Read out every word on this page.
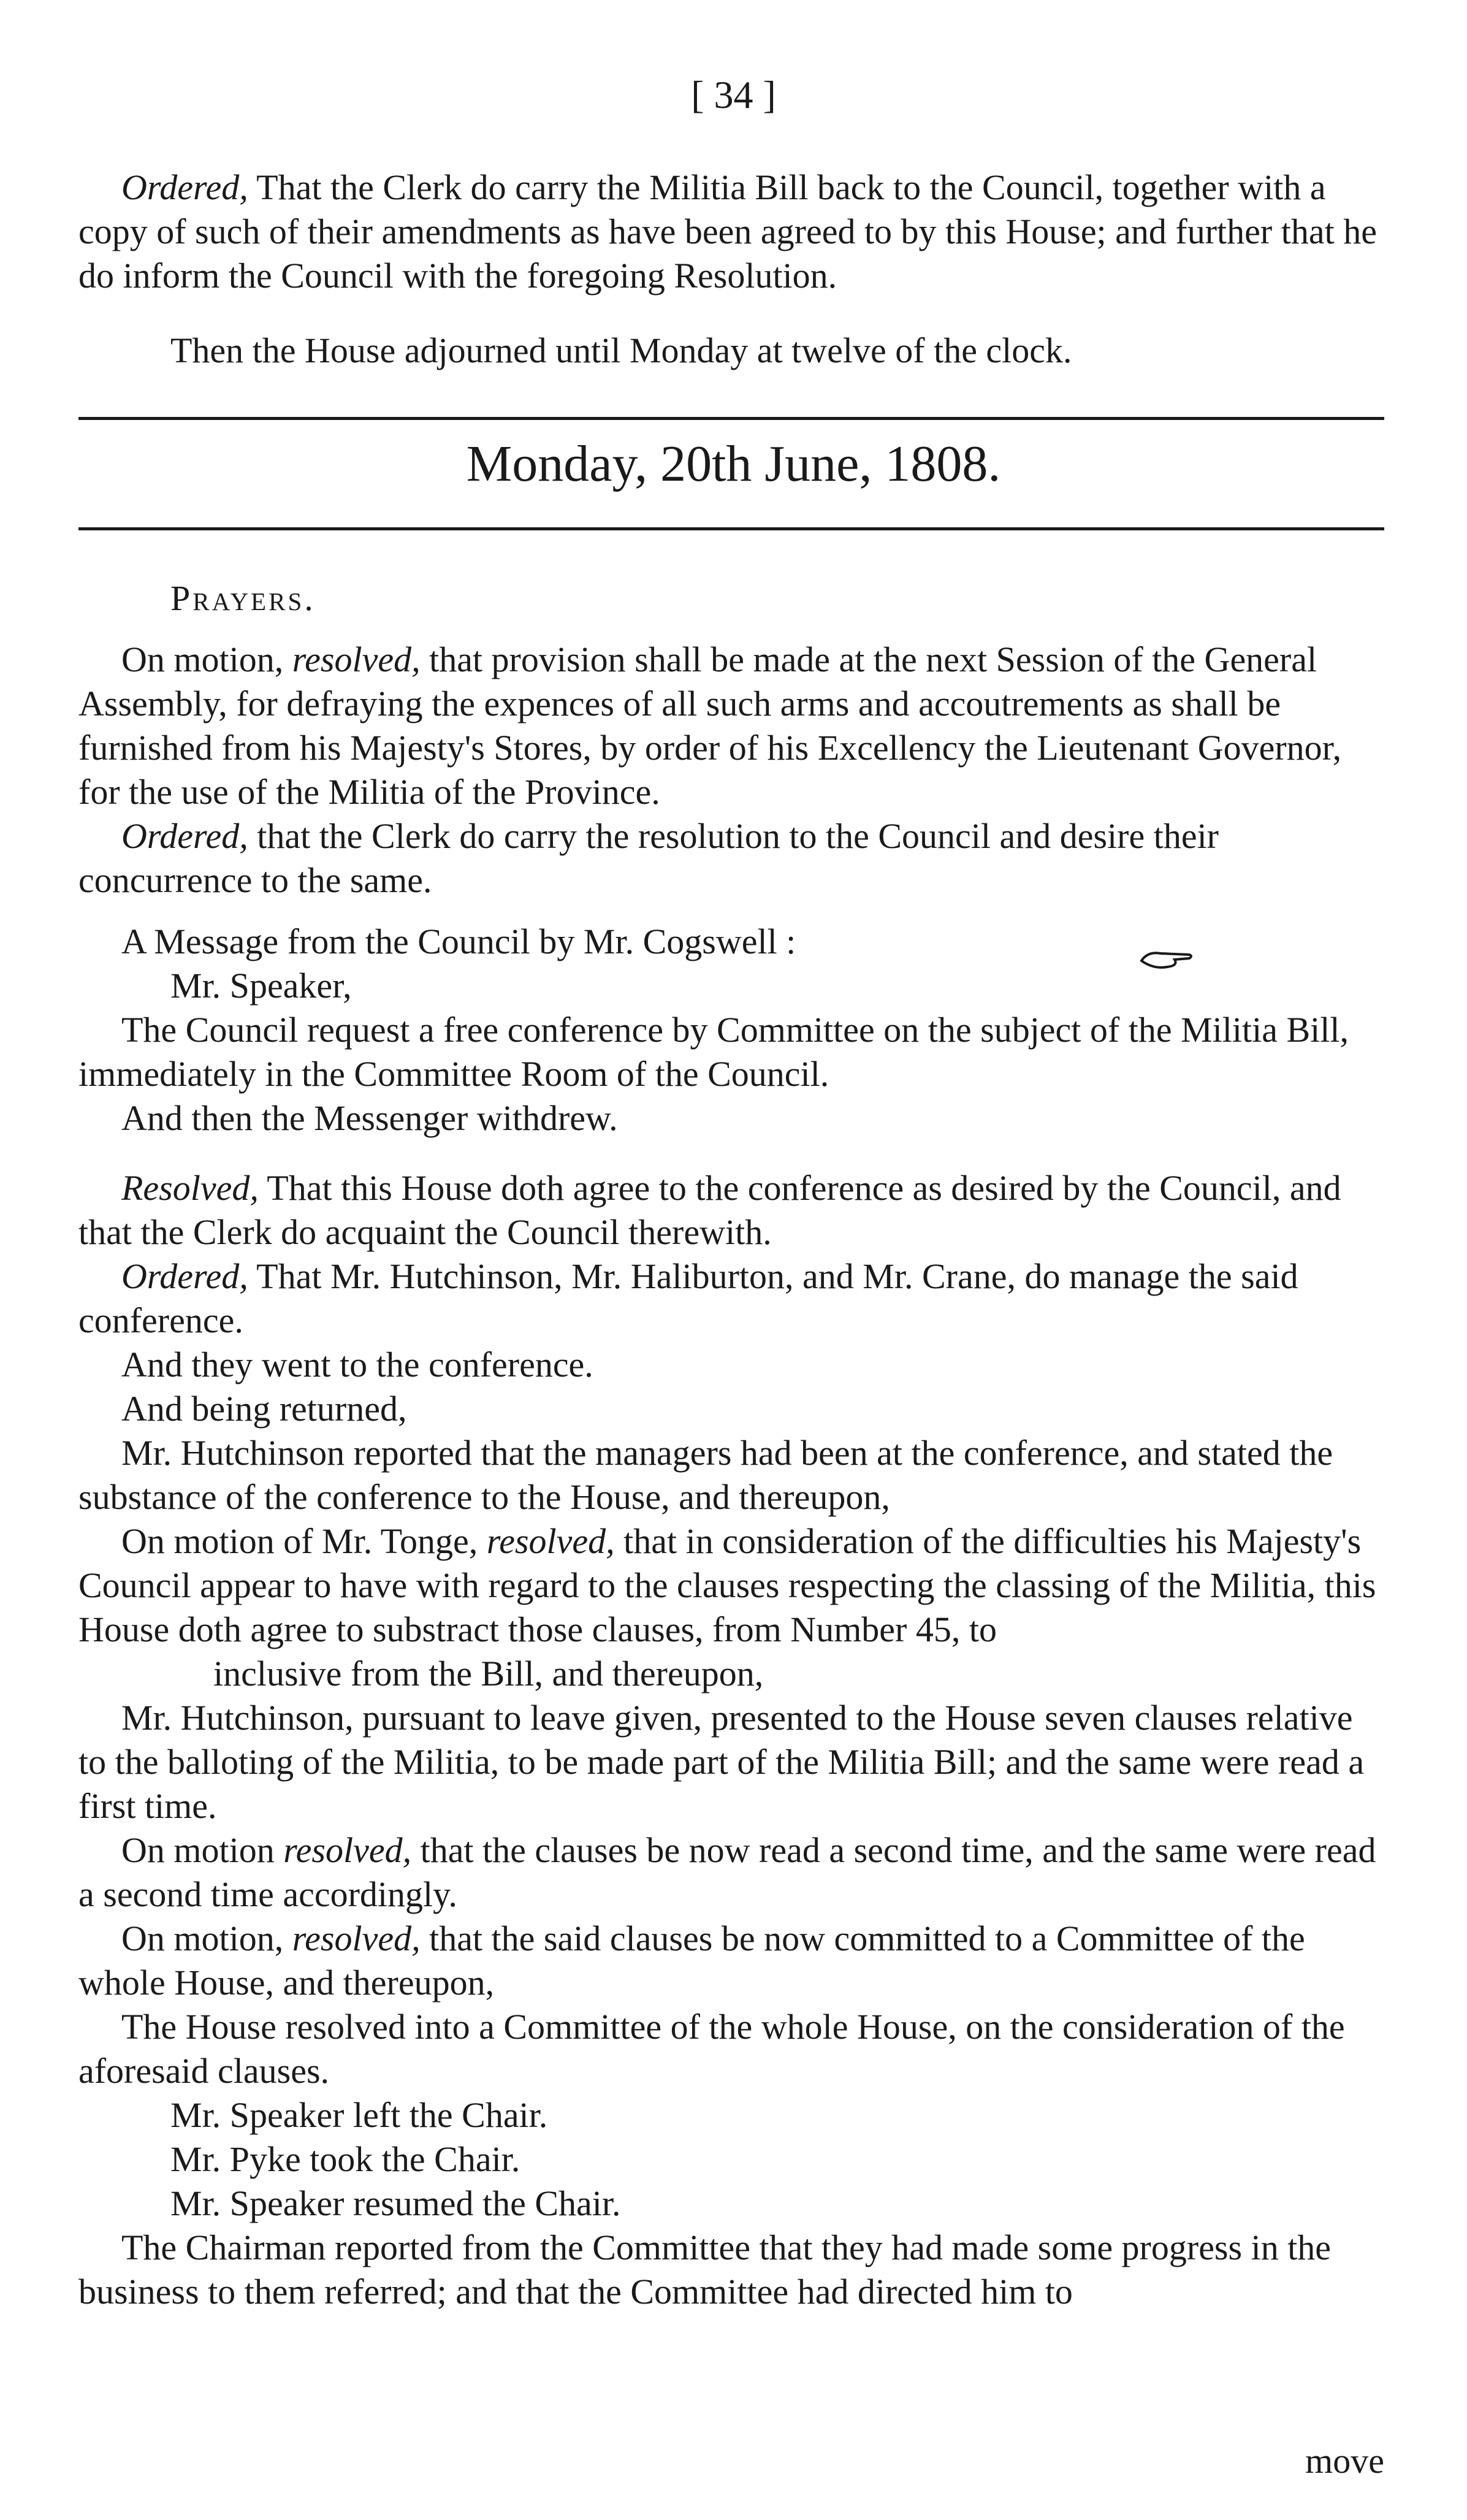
[ 34 ]

Ordered, That the Clerk do carry the Militia Bill back to the Council, together with a copy of such of their amendments as have been agreed to by this House; and further that he do inform the Council with the foregoing Resolution.

Then the House adjourned until Monday at twelve of the clock.

Monday, 20th June, 1808.

Prayers.

On motion, resolved, that provision shall be made at the next Session of the General Assembly, for defraying the expences of all such arms and accoutrements as shall be furnished from his Majesty's Stores, by order of his Excellency the Lieutenant Governor, for the use of the Militia of the Province.

Ordered, that the Clerk do carry the resolution to the Council and desire their concurrence to the same.

A Message from the Council by Mr. Cogswell :

Mr. Speaker,

The Council request a free conference by Committee on the subject of the Militia Bill, immediately in the Committee Room of the Council.

And then the Messenger withdrew.

Resolved, That this House doth agree to the conference as desired by the Council, and that the Clerk do acquaint the Council therewith.

Ordered, That Mr. Hutchinson, Mr. Haliburton, and Mr. Crane, do manage the said conference.

And they went to the conference.

And being returned,

Mr. Hutchinson reported that the managers had been at the conference, and stated the substance of the conference to the House, and thereupon,

On motion of Mr. Tonge, resolved, that in consideration of the difficulties his Majesty's Council appear to have with regard to the clauses respecting the classing of the Militia, this House doth agree to substract those clauses, from Number 45, to

inclusive from the Bill, and thereupon,

Mr. Hutchinson, pursuant to leave given, presented to the House seven clauses relative to the balloting of the Militia, to be made part of the Militia Bill; and the same were read a first time.

On motion resolved, that the clauses be now read a second time, and the same were read a second time accordingly.

On motion, resolved, that the said clauses be now committed to a Committee of the whole House, and thereupon,

The House resolved into a Committee of the whole House, on the consideration of the aforesaid clauses.

Mr. Speaker left the Chair.

Mr. Pyke took the Chair.

Mr. Speaker resumed the Chair.

The Chairman reported from the Committee that they had made some progress in the business to them referred; and that the Committee had directed him to

move
